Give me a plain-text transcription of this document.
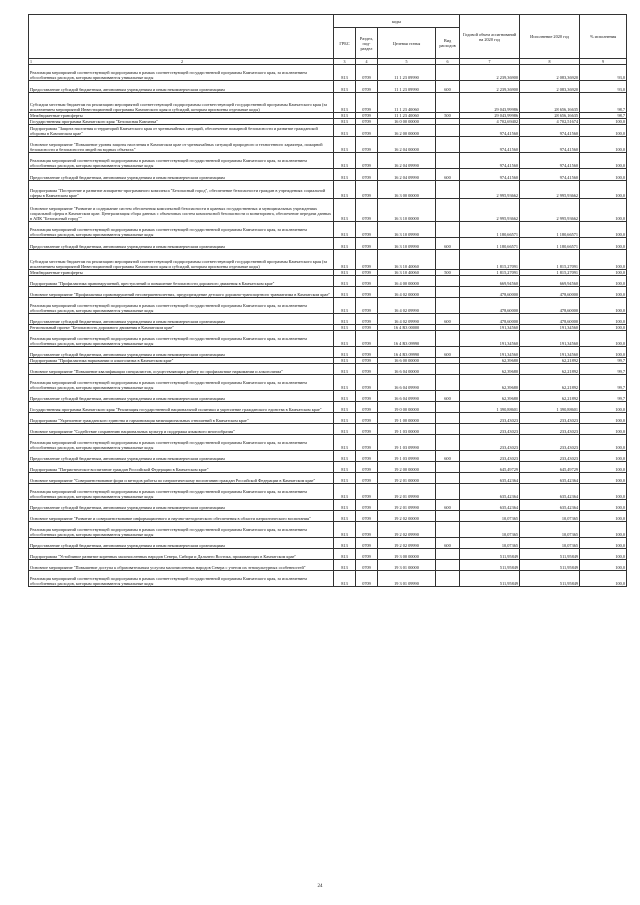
	коды				Годовой объем ассигнований на 2020 год	Исполнение 2020 год	% исполнения
	ГРБС	Раздел, под-раздел	Целевая статья	Вид расходов			

1 2	3	4	5	6	7	8	9
Реализация мероприятий соответствующей подпрограммы в рамках соответствующей государственной программы Камчатского края, за исключением обособленных расходов, которым присваиваются уникальные коды	813	0709	11 1 23 09990		2 239,36900	2 083,36920	93,0
Предоставление субсидий бюджетным, автономным учреждениям и иным некоммерческим организациям	813	0709	11 1 23 09990	600	2 239,36900	2 083,36920	93,0
Субсидии местным бюджетам на реализацию мероприятий соответствующей подпрограммы соответствующей государственной программы Камчатского края (за исключением мероприятий Инвестиционной программы Камчатского края и субсидий, которым присвоены отдельные коды)	813	0709	11 1 23 40060		29 043,99986	28 656,16635	98,7
Межбюджетные трансферты	813	0709	11 1 23 40060	500	29 043,99986	28 656,16635	98,7
Государственная программа Камчатского края "Безопасная Камчатка"	813	0709	16 0 00 00000		4 702,69402	4 702,51674	100,0
Подпрограмма "Защита населения и территорий Камчатского края от чрезвычайных ситуаций, обеспечение пожарной безопасности и развитие гражданской обороны в Камчатском крае"	813	0709	16 2 00 00000		974,41560	974,41560	100,0
Основное мероприятие "Повышение уровня защиты населения в Камчатском крае от чрезвычайных ситуаций природного и техногенного характера, пожарной безопасности и безопасности людей на водных объектах"	813	0709	16 2 04 00000		974,41560	974,41560	100,0
Реализация мероприятий соответствующей подпрограммы в рамках соответствующей государственной программы Камчатского края, за исключением обособленных расходов, которым присваиваются уникальные коды	813	0709	16 2 04 09990		974,41560	974,41560	100,0
Предоставление субсидий бюджетным, автономным учреждениям и иным некоммерческим организациям	813	0709	16 2 04 09990	600	974,41560	974,41560	100,0
Подпрограмма "Построение и развитие аппаратно-программного комплекса "Безопасный город", обеспечение безопасности граждан в учреждениях социальной сферы в Камчатском крае"	813	0709	16 3 00 00000		2 995,93662	2 995,93662	100,0
Основное мероприятие "Развитие и содержание систем обеспечения комплексной безопасности в краевых государственных и муниципальных учреждениях социальной сферы в Камчатском крае. Централизация сбора данных с объектовых систем комплексной безопасности и мониторинга, обеспечение передачи данных в АПК "Безопасный город""	813	0709	16 3 10 00000		2 995,93662	2 995,93662	100,0
Реализация мероприятий соответствующей подпрограммы в рамках соответствующей государственной программы Камчатского края, за исключением обособленных расходов, которым присваиваются уникальные коды	813	0709	16 3 10 09990		1 180,66571	1 180,66571	100,0
Предоставление субсидий бюджетным, автономным учреждениям и иным некоммерческим организациям	813	0709	16 3 10 09990	600	1 180,66571	1 180,66571	100,0
Субсидии местным бюджетам на реализацию мероприятий соответствующей подпрограммы соответствующей государственной программы Камчатского края (за исключением мероприятий Инвестиционной программы Камчатского края и субсидий, которым присвоены отдельные коды)	813	0709	16 3 10 40060		1 815,27091	1 815,27091	100,0
Межбюджетные трансферты	813	0709	16 3 10 40060	500	1 815,27091	1 815,27091	100,0
Подпрограмма "Профилактика правонарушений, преступлений и повышение безопасности дорожного движения в Камчатском крае"	813	0709	16 4 00 00000		669,94560	669,94560	100,0
Основное мероприятие "Профилактика правонарушений несовершеннолетних, предупреждение детского дорожно-транспортного травматизма в Камчатском крае"	813	0709	16 4 02 00000		478,60000	478,60000	100,0
Реализация мероприятий соответствующей подпрограммы в рамках соответствующей государственной программы Камчатского края, за исключением обособленных расходов, которым присваиваются уникальные коды	813	0709	16 4 02 09990		478,60000	478,60000	100,0
Предоставление субсидий бюджетным, автономным учреждениям и иным некоммерческим организациям	813	0709	16 4 02 09990	600	478,60000	478,60000	100,0
Региональный проект "Безопасность дорожного движения в Камчатском крае"	813	0709	16 4 R3 00000		191,34560	191,34560	100,0
Реализация мероприятий соответствующей подпрограммы в рамках соответствующей государственной программы Камчатского края, за исключением обособленных расходов, которым присваиваются уникальные коды	813	0709	16 4 R3 09990		191,34560	191,34560	100,0
Предоставление субсидий бюджетным, автономным учреждениям и иным некоммерческим организациям	813	0709	16 4 R3 09990	600	191,34560	191,34560	100,0
Подпрограмма "Профилактика наркомании и алкоголизма в Камчатском крае"	813	0709	16 6 00 00000		62,39680	62,21892	99,7
Основное мероприятие "Повышение квалификации специалистов, осуществляющих работу по профилактике наркомании и алкоголизма"	813	0709	16 6 04 00000		62,39680	62,21892	99,7
Реализация мероприятий соответствующей подпрограммы в рамках соответствующей государственной программы Камчатского края, за исключением обособленных расходов, которым присваиваются уникальные коды	813	0709	16 6 04 09990		62,39680	62,21892	99,7
Предоставление субсидий бюджетным, автономным учреждениям и иным некоммерческим организациям	813	0709	16 6 04 09990	600	62,39680	62,21892	99,7
Государственная программа Камчатского края "Реализация государственной национальной политики и укрепление гражданского единства в Камчатском крае"	813	0709	19 0 00 00000		1 390,88601	1 390,88601	100,0
Подпрограмма "Укрепление гражданского единства и гармонизация межнациональных отношений в Камчатском крае"	813	0709	19 1 00 00000		233,43023	233,43023	100,0
Основное мероприятие "Содействие сохранению национальных культур и поддержка языкового многообразия"	813	0709	19 1 03 00000		233,43023	233,43023	100,0
Реализация мероприятий соответствующей подпрограммы в рамках соответствующей государственной программы Камчатского края, за исключением обособленных расходов, которым присваиваются уникальные коды	813	0709	19 1 03 09990		233,43023	233,43023	100,0
Предоставление субсидий бюджетным, автономным учреждениям и иным некоммерческим организациям	813	0709	19 1 03 09990	600	233,43023	233,43023	100,0
Подпрограмма "Патриотическое воспитание граждан Российской Федерации в Камчатском крае"	813	0709	19 2 00 00000		645,49729	645,49729	100,0
Основное мероприятие "Совершенствование форм и методов работы по патриотическому воспитанию граждан Российской Федерации в Камчатском крае"	813	0709	19 2 01 00000		635,42364	635,42364	100,0
Реализация мероприятий соответствующей подпрограммы в рамках соответствующей государственной программы Камчатского края, за исключением обособленных расходов, которым присваиваются уникальные коды	813	0709	19 2 01 09990		635,42364	635,42364	100,0
Предоставление субсидий бюджетным, автономным учреждениям и иным некоммерческим организациям	813	0709	19 2 01 09990	600	635,42364	635,42364	100,0
Основное мероприятие "Развитие и совершенствование информационного и научно-методического обеспечения в области патриотического воспитания"	813	0709	19 2 02 00000		10,07365	10,07365	100,0
Реализация мероприятий соответствующей подпрограммы в рамках соответствующей государственной программы Камчатского края, за исключением обособленных расходов, которым присваиваются уникальные коды	813	0709	19 2 02 09990		10,07365	10,07365	100,0
Предоставление субсидий бюджетным, автономным учреждениям и иным некоммерческим организациям	813	0709	19 2 02 09990	600	10,07365	10,07365	100,0
Подпрограмма "Устойчивое развитие коренных малочисленных народов Севера, Сибири и Дальнего Востока, проживающих в Камчатском крае"	813	0709	19 3 00 00000		511,95849	511,95849	100,0
Основное мероприятие "Повышение доступа к образовательным услугам малочисленных народов Севера с учетом их этнокультурных особенностей"	813	0709	19 3 01 00000		511,95849	511,95849	100,0
Реализация мероприятий соответствующей подпрограммы в рамках соответствующей государственной программы Камчатского края, за исключением обособленных расходов, которым присваиваются уникальные коды	813	0709	19 3 01 09990		511,95849	511,95849	100,0
24
